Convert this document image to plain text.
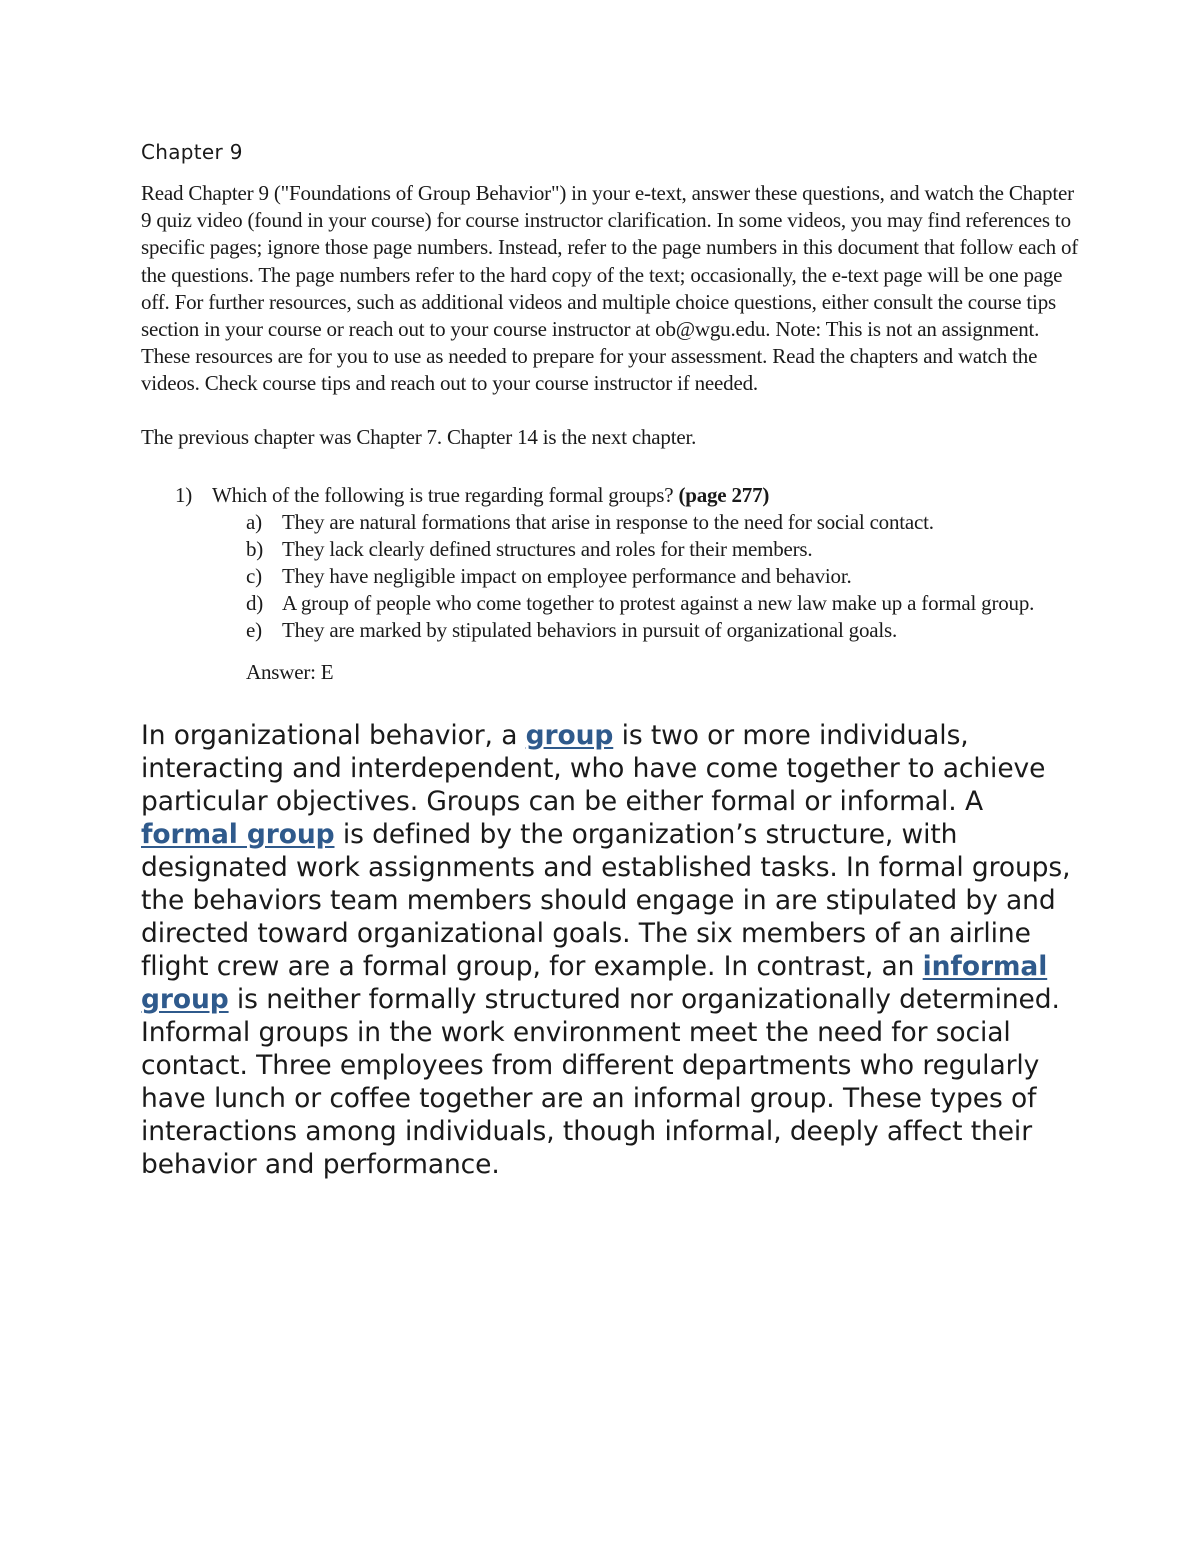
Chapter 9

Read Chapter 9 ("Foundations of Group Behavior") in your e-text, answer these questions, and watch the Chapter 9 quiz video (found in your course) for course instructor clarification. In some videos, you may find references to specific pages; ignore those page numbers. Instead, refer to the page numbers in this document that follow each of the questions. The page numbers refer to the hard copy of the text; occasionally, the e-text page will be one page off. For further resources, such as additional videos and multiple choice questions, either consult the course tips section in your course or reach out to your course instructor at ob@wgu.edu. Note: This is not an assignment. These resources are for you to use as needed to prepare for your assessment. Read the chapters and watch the videos. Check course tips and reach out to your course instructor if needed.

The previous chapter was Chapter 7. Chapter 14 is the next chapter.

1) Which of the following is true regarding formal groups? (page 277)
a) They are natural formations that arise in response to the need for social contact.
b) They lack clearly defined structures and roles for their members.
c) They have negligible impact on employee performance and behavior.
d) A group of people who come together to protest against a new law make up a formal group.
e) They are marked by stipulated behaviors in pursuit of organizational goals.
Answer: E

In organizational behavior, a group is two or more individuals, interacting and interdependent, who have come together to achieve particular objectives. Groups can be either formal or informal. A formal group is defined by the organization’s structure, with designated work assignments and established tasks. In formal groups, the behaviors team members should engage in are stipulated by and directed toward organizational goals. The six members of an airline flight crew are a formal group, for example. In contrast, an informal group is neither formally structured nor organizationally determined. Informal groups in the work environment meet the need for social contact. Three employees from different departments who regularly have lunch or coffee together are an informal group. These types of interactions among individuals, though informal, deeply affect their behavior and performance.
